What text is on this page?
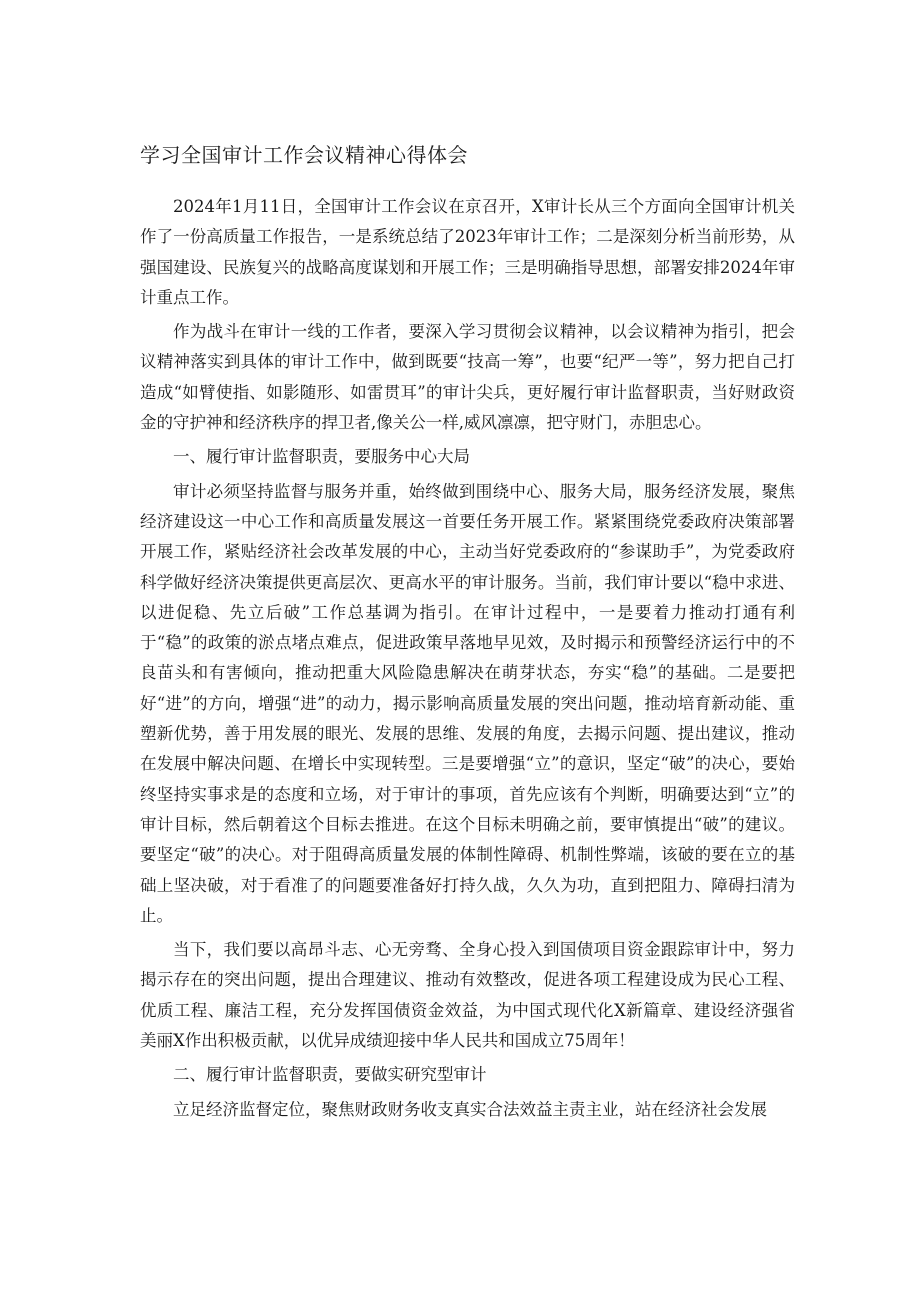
学习全国审计工作会议精神心得体会

2024年1月11日，全国审计工作会议在京召开，X审计长从三个方面向全国审计机关作了一份高质量工作报告，一是系统总结了2023年审计工作；二是深刻分析当前形势，从强国建设、民族复兴的战略高度谋划和开展工作；三是明确指导思想，部署安排2024年审计重点工作。

作为战斗在审计一线的工作者，要深入学习贯彻会议精神，以会议精神为指引，把会议精神落实到具体的审计工作中，做到既要“技高一筹”，也要“纪严一等”，努力把自己打造成“如臂使指、如影随形、如雷贯耳”的审计尖兵，更好履行审计监督职责，当好财政资金的守护神和经济秩序的捍卫者,像关公一样,威风凛凛，把守财门，赤胆忠心。

一、履行审计监督职责，要服务中心大局

审计必须坚持监督与服务并重，始终做到围绕中心、服务大局，服务经济发展，聚焦经济建设这一中心工作和高质量发展这一首要任务开展工作。紧紧围绕党委政府决策部署开展工作，紧贴经济社会改革发展的中心，主动当好党委政府的“参谋助手”，为党委政府科学做好经济决策提供更高层次、更高水平的审计服务。当前，我们审计要以“稳中求进、以进促稳、先立后破”工作总基调为指引。在审计过程中，一是要着力推动打通有利于“稳”的政策的淤点堵点难点，促进政策早落地早见效，及时揭示和预警经济运行中的不良苗头和有害倾向，推动把重大风险隐患解决在萌芽状态，夯实“稳”的基础。二是要把好“进”的方向，增强“进”的动力，揭示影响高质量发展的突出问题，推动培育新动能、重塑新优势，善于用发展的眼光、发展的思维、发展的角度，去揭示问题、提出建议，推动在发展中解决问题、在增长中实现转型。三是要增强“立”的意识，坚定“破”的决心，要始终坚持实事求是的态度和立场，对于审计的事项，首先应该有个判断，明确要达到“立”的审计目标，然后朝着这个目标去推进。在这个目标未明确之前，要审慎提出“破”的建议。要坚定“破”的决心。对于阻碍高质量发展的体制性障碍、机制性弊端，该破的要在立的基础上坚决破，对于看准了的问题要准备好打持久战，久久为功，直到把阻力、障碍扫清为止。

当下，我们要以高昂斗志、心无旁骛、全身心投入到国债项目资金跟踪审计中，努力揭示存在的突出问题，提出合理建议、推动有效整改，促进各项工程建设成为民心工程、优质工程、廉洁工程，充分发挥国债资金效益，为中国式现代化X新篇章、建设经济强省美丽X作出积极贡献，以优异成绩迎接中华人民共和国成立75周年！

二、履行审计监督职责，要做实研究型审计

立足经济监督定位，聚焦财政财务收支真实合法效益主责主业，站在经济社会发展
